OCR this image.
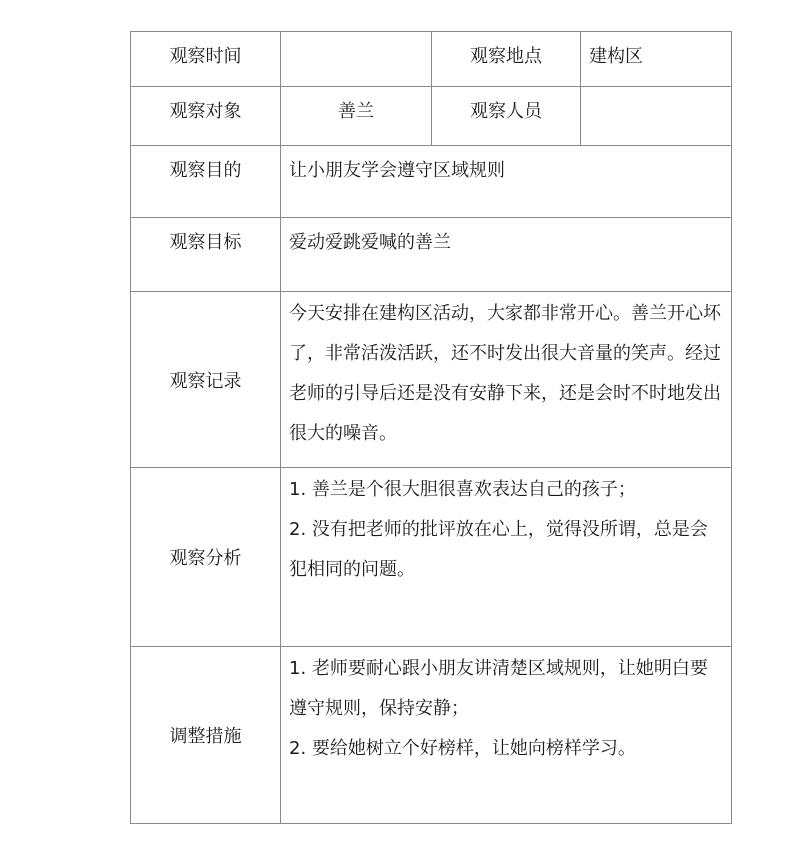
观察时间		观察地点	建构区
观察对象	善兰	观察人员	
观察目的	让小朋友学会遵守区域规则		
观察目标	爱动爱跳爱喊的善兰		
观察记录	今天安排在建构区活动，大家都非常开心。善兰开心坏了，非常活泼活跃，还不时发出很大音量的笑声。经过老师的引导后还是没有安静下来，还是会时不时地发出很大的噪音。		

观察分析	1. 善兰是个很大胆很喜欢表达自己的孩子；

2. 没有把老师的批评放在心上，觉得没所谓，总是会犯相同的问题。		

调整措施	1. 老师要耐心跟小朋友讲清楚区域规则，让她明白要遵守规则，保持安静；

2. 要给她树立个好榜样，让她向榜样学习。		
